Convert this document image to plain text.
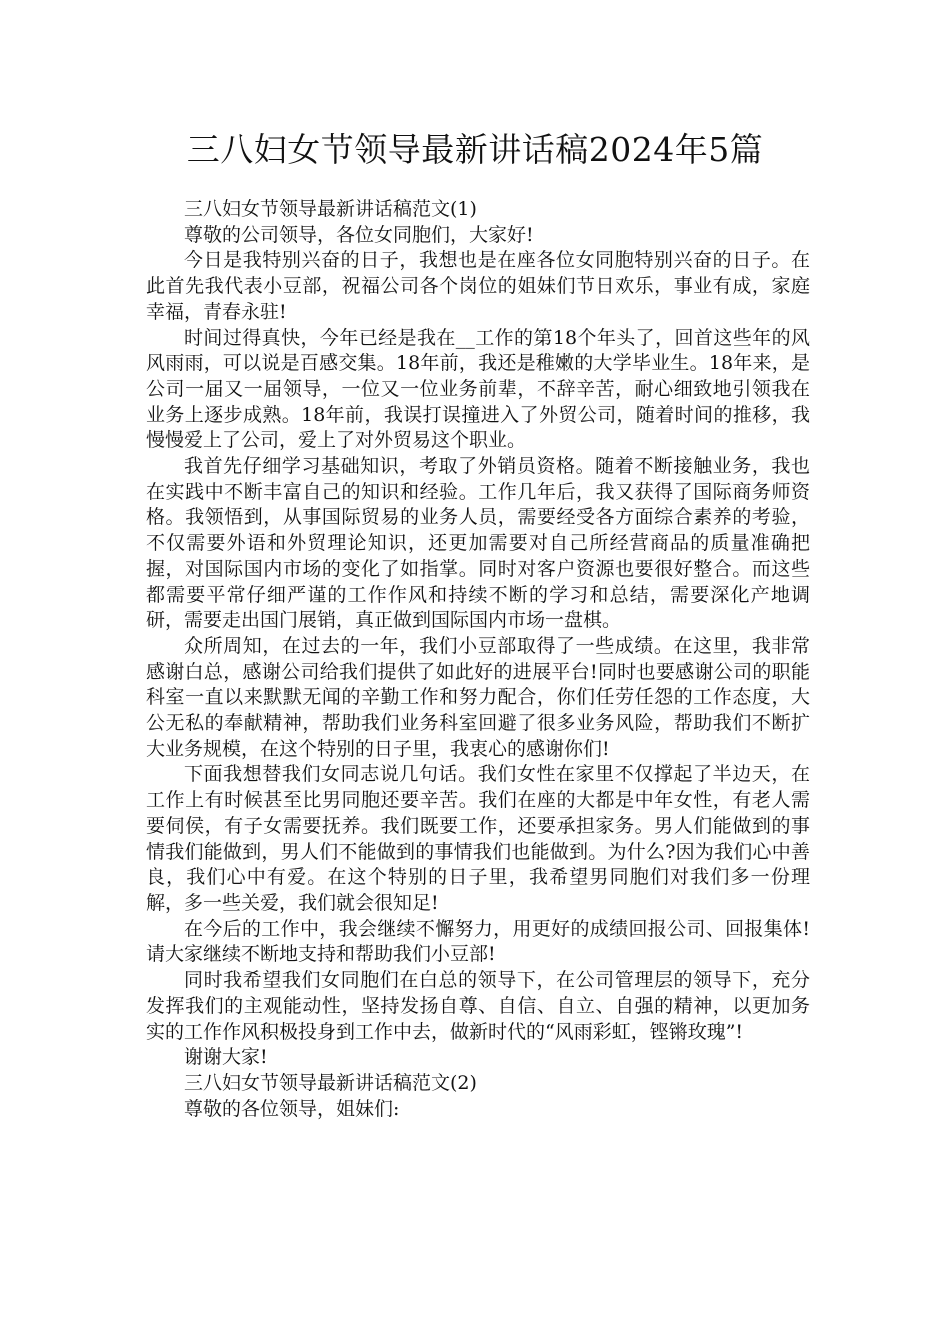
三八妇女节领导最新讲话稿2024年5篇

三八妇女节领导最新讲话稿范文(1)

尊敬的公司领导，各位女同胞们，大家好!

今日是我特别兴奋的日子，我想也是在座各位女同胞特别兴奋的日子。在此首先我代表小豆部，祝福公司各个岗位的姐妹们节日欢乐，事业有成，家庭幸福，青春永驻!

时间过得真快，今年已经是我在__工作的第18个年头了，回首这些年的风风雨雨，可以说是百感交集。18年前，我还是稚嫩的大学毕业生。18年来，是公司一届又一届领导，一位又一位业务前辈，不辞辛苦，耐心细致地引领我在业务上逐步成熟。18年前，我误打误撞进入了外贸公司，随着时间的推移，我慢慢爱上了公司，爱上了对外贸易这个职业。

我首先仔细学习基础知识，考取了外销员资格。随着不断接触业务，我也在实践中不断丰富自己的知识和经验。工作几年后，我又获得了国际商务师资格。我领悟到，从事国际贸易的业务人员，需要经受各方面综合素养的考验，不仅需要外语和外贸理论知识，还更加需要对自己所经营商品的质量准确把握，对国际国内市场的变化了如指掌。同时对客户资源也要很好整合。而这些都需要平常仔细严谨的工作作风和持续不断的学习和总结，需要深化产地调研，需要走出国门展销，真正做到国际国内市场一盘棋。

众所周知，在过去的一年，我们小豆部取得了一些成绩。在这里，我非常感谢白总，感谢公司给我们提供了如此好的进展平台!同时也要感谢公司的职能科室一直以来默默无闻的辛勤工作和努力配合，你们任劳任怨的工作态度，大公无私的奉献精神，帮助我们业务科室回避了很多业务风险，帮助我们不断扩大业务规模，在这个特别的日子里，我衷心的感谢你们!

下面我想替我们女同志说几句话。我们女性在家里不仅撑起了半边天，在工作上有时候甚至比男同胞还要辛苦。我们在座的大都是中年女性，有老人需要伺侯，有子女需要抚养。我们既要工作，还要承担家务。男人们能做到的事情我们能做到，男人们不能做到的事情我们也能做到。为什么?因为我们心中善良，我们心中有爱。在这个特别的日子里，我希望男同胞们对我们多一份理解，多一些关爱，我们就会很知足!

在今后的工作中，我会继续不懈努力，用更好的成绩回报公司、回报集体!请大家继续不断地支持和帮助我们小豆部!

同时我希望我们女同胞们在白总的领导下，在公司管理层的领导下，充分发挥我们的主观能动性，坚持发扬自尊、自信、自立、自强的精神，以更加务实的工作作风积极投身到工作中去，做新时代的“风雨彩虹，铿锵玫瑰”!

谢谢大家!

三八妇女节领导最新讲话稿范文(2)

尊敬的各位领导，姐妹们:
